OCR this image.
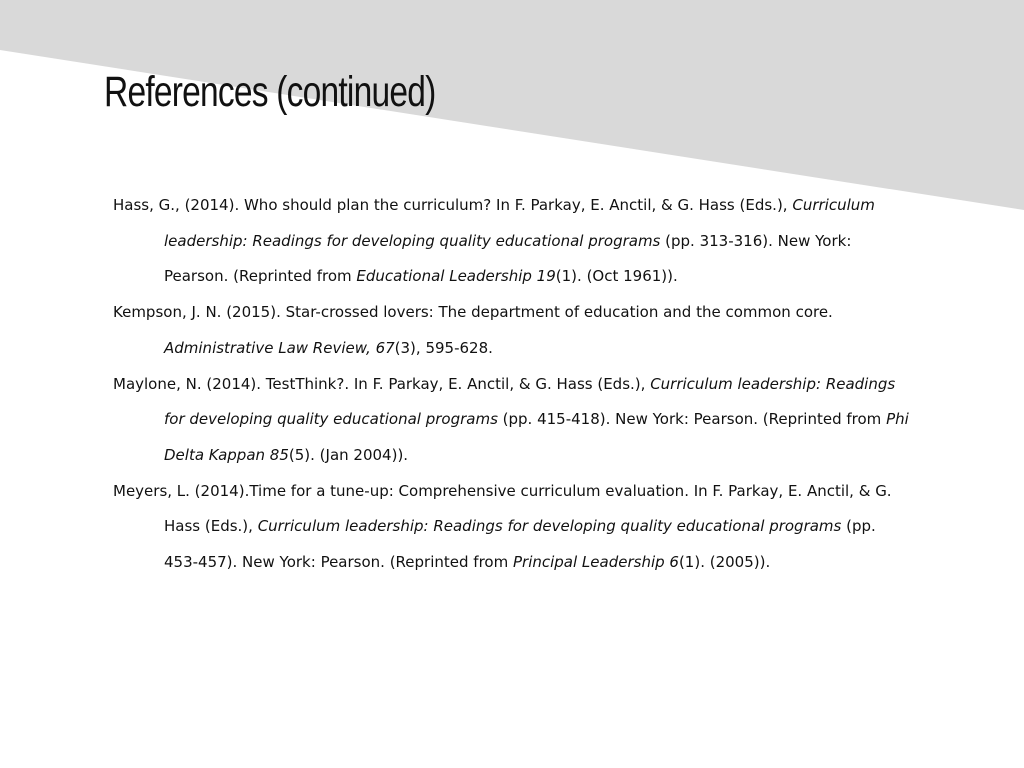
References (continued)
Hass, G., (2014). Who should plan the curriculum? In F. Parkay, E. Anctil, & G. Hass (Eds.), Curriculum leadership: Readings for developing quality educational programs (pp. 313-316). New York: Pearson. (Reprinted from Educational Leadership 19(1). (Oct 1961)).
Kempson, J. N. (2015). Star-crossed lovers: The department of education and the common core. Administrative Law Review, 67(3), 595-628.
Maylone, N. (2014). TestThink?. In F. Parkay, E. Anctil, & G. Hass (Eds.), Curriculum leadership: Readings for developing quality educational programs (pp. 415-418). New York: Pearson. (Reprinted from Phi Delta Kappan 85(5). (Jan 2004)).
Meyers, L. (2014).Time for a tune-up: Comprehensive curriculum evaluation. In F. Parkay, E. Anctil, & G. Hass (Eds.), Curriculum leadership: Readings for developing quality educational programs (pp. 453-457). New York: Pearson. (Reprinted from Principal Leadership 6(1). (2005)).
